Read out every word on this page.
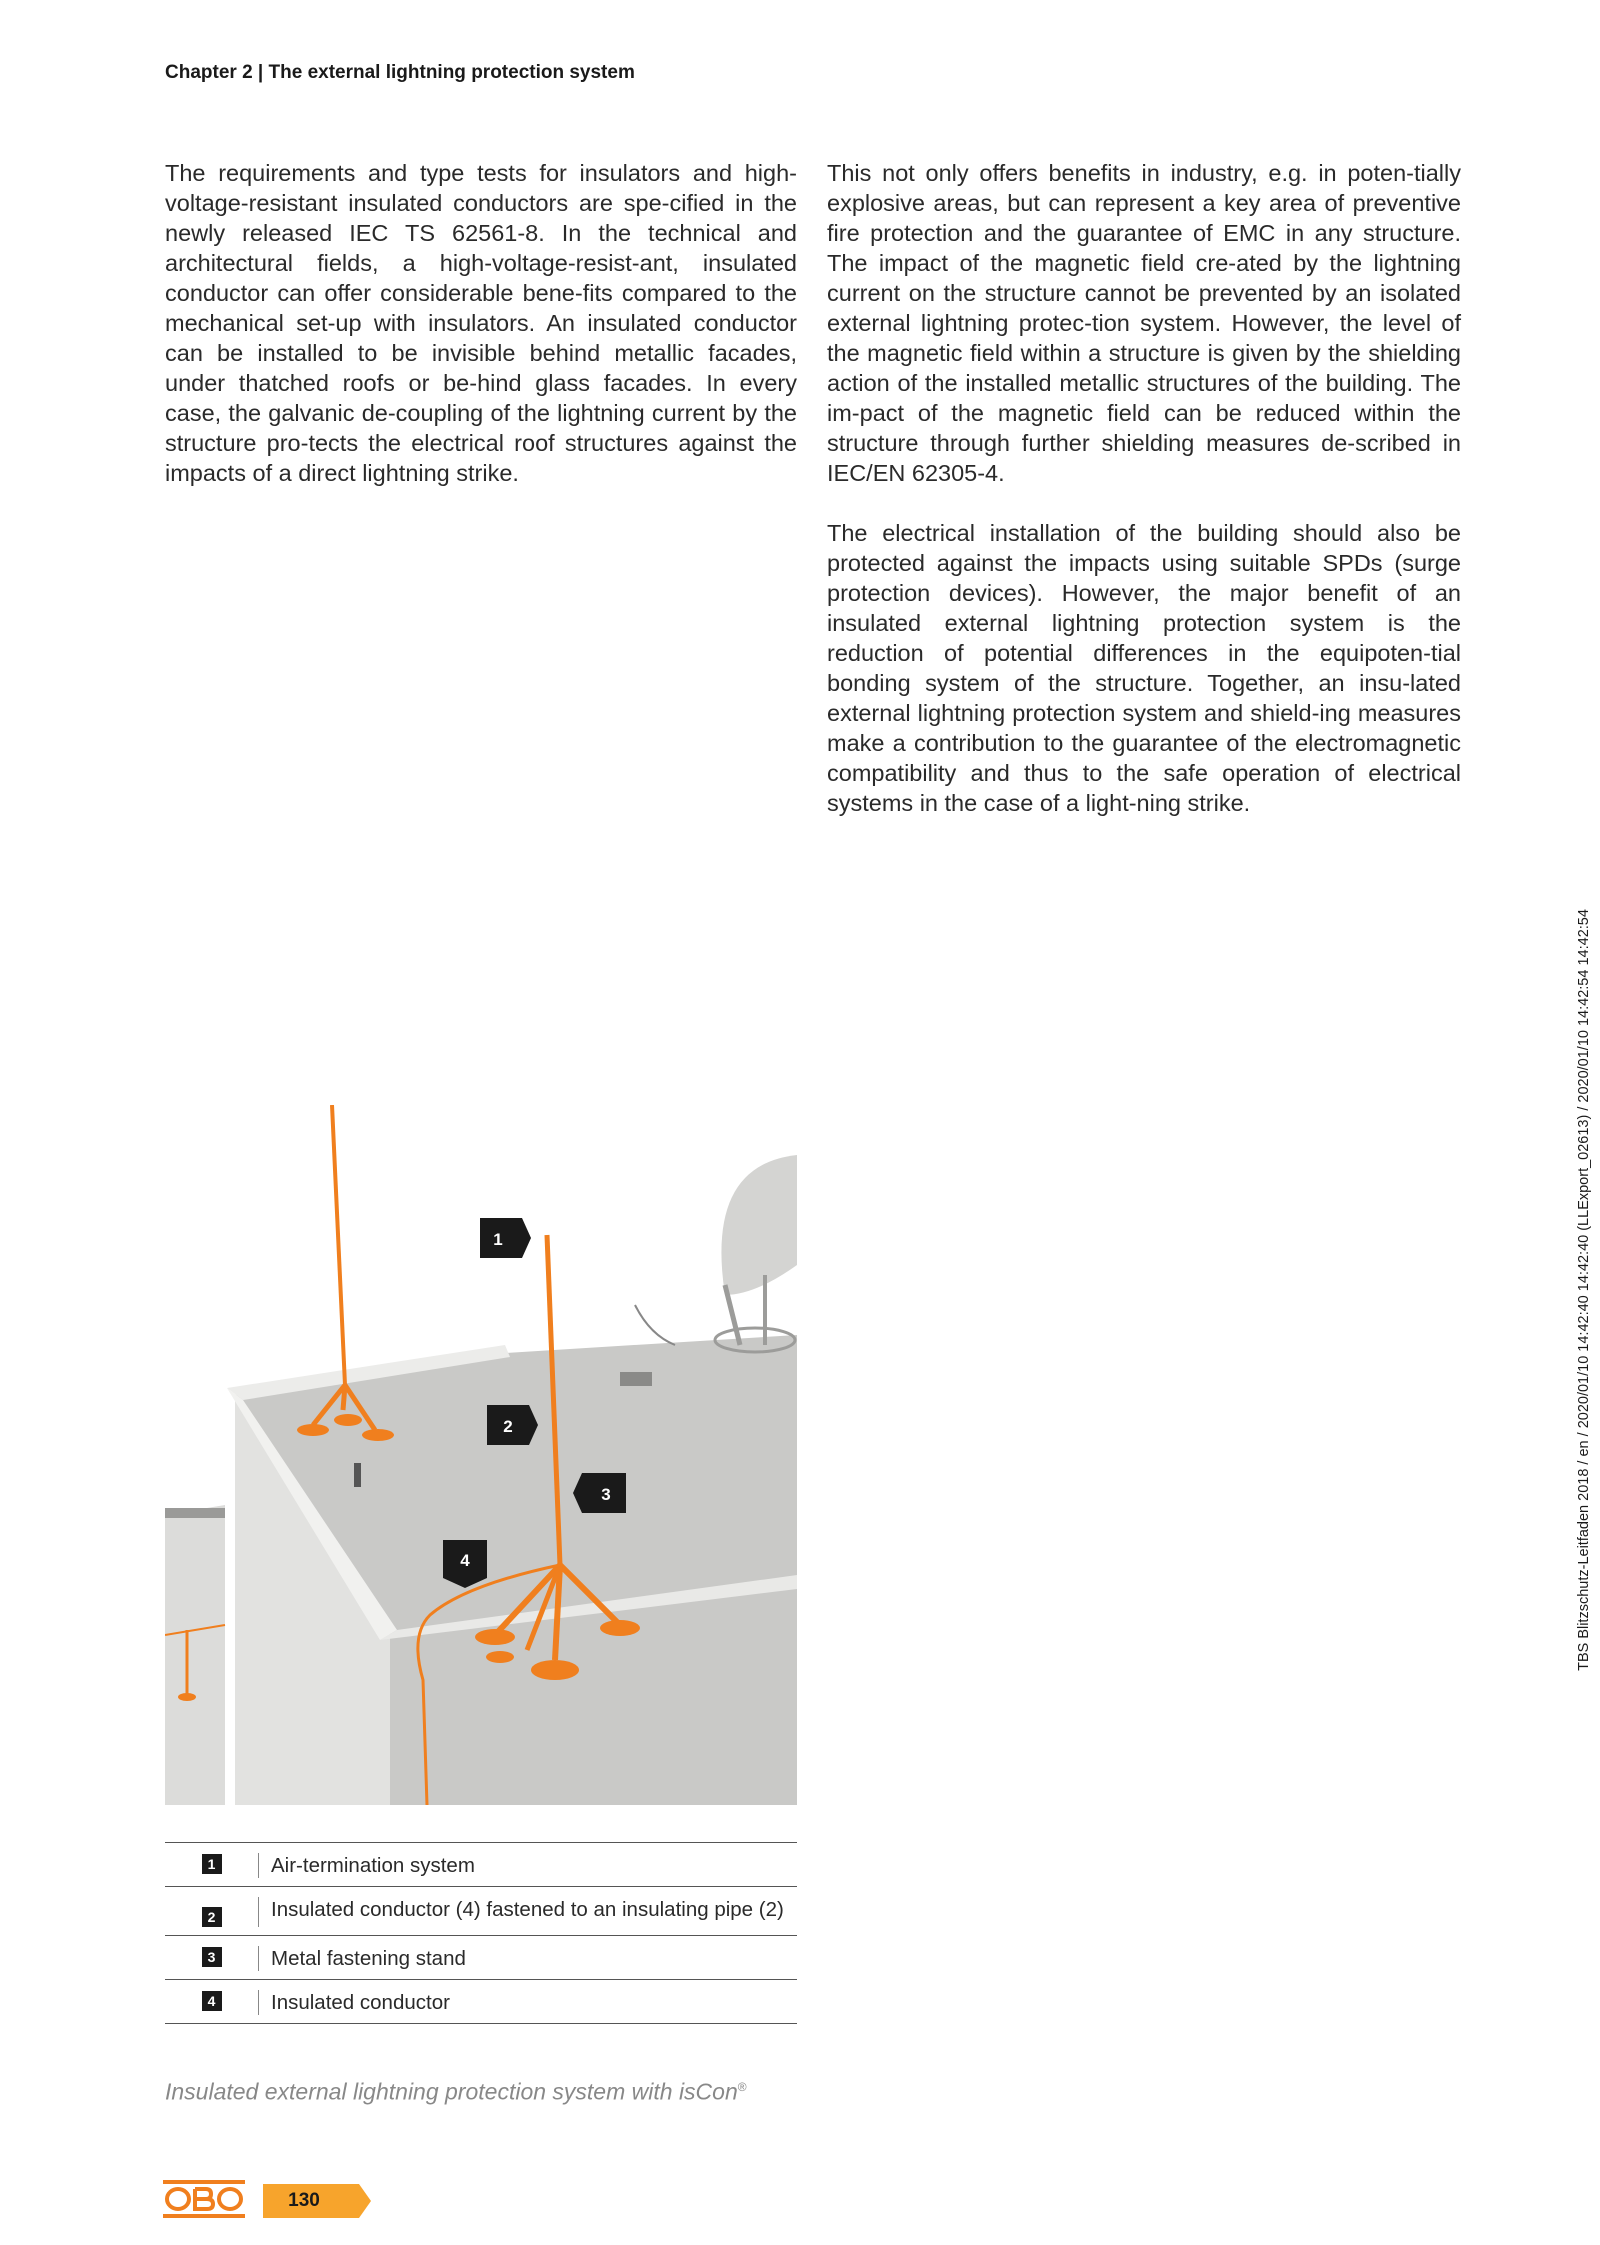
Chapter 2 | The external lightning protection system

The requirements and type tests for insulators and high-voltage-resistant insulated conductors are spe-cified in the newly released IEC TS 62561-8. In the technical and architectural fields, a high-voltage-resist-ant, insulated conductor can offer considerable bene-fits compared to the mechanical set-up with insulators. An insulated conductor can be installed to be invisible behind metallic facades, under thatched roofs or be-hind glass facades. In every case, the galvanic de-coupling of the lightning current by the structure pro-tects the electrical roof structures against the impacts of a direct lightning strike.

This not only offers benefits in industry, e.g. in poten-tially explosive areas, but can represent a key area of preventive fire protection and the guarantee of EMC in any structure. The impact of the magnetic field cre-ated by the lightning current on the structure cannot be prevented by an isolated external lightning protec-tion system. However, the level of the magnetic field within a structure is given by the shielding action of the installed metallic structures of the building. The im-pact of the magnetic field can be reduced within the structure through further shielding measures de-scribed in IEC/EN 62305-4.

The electrical installation of the building should also be protected against the impacts using suitable SPDs (surge protection devices). However, the major benefit of an insulated external lightning protection system is the reduction of potential differences in the equipoten-tial bonding system of the structure. Together, an insu-lated external lightning protection system and shield-ing measures make a contribution to the guarantee of the electromagnetic compatibility and thus to the safe operation of electrical systems in the case of a light-ning strike.

1
2
3
4
1	Air-termination system
2	Insulated conductor (4) fastened to an insulating pipe (2)
3	Metal fastening stand
4	Insulated conductor
Insulated external lightning protection system with isCon®
130
TBS Blitzschutz-Leitfaden 2018 / en / 2020/01/10 14:42:40 14:42:40 (LLExport_02613) / 2020/01/10 14:42:54 14:42:54
